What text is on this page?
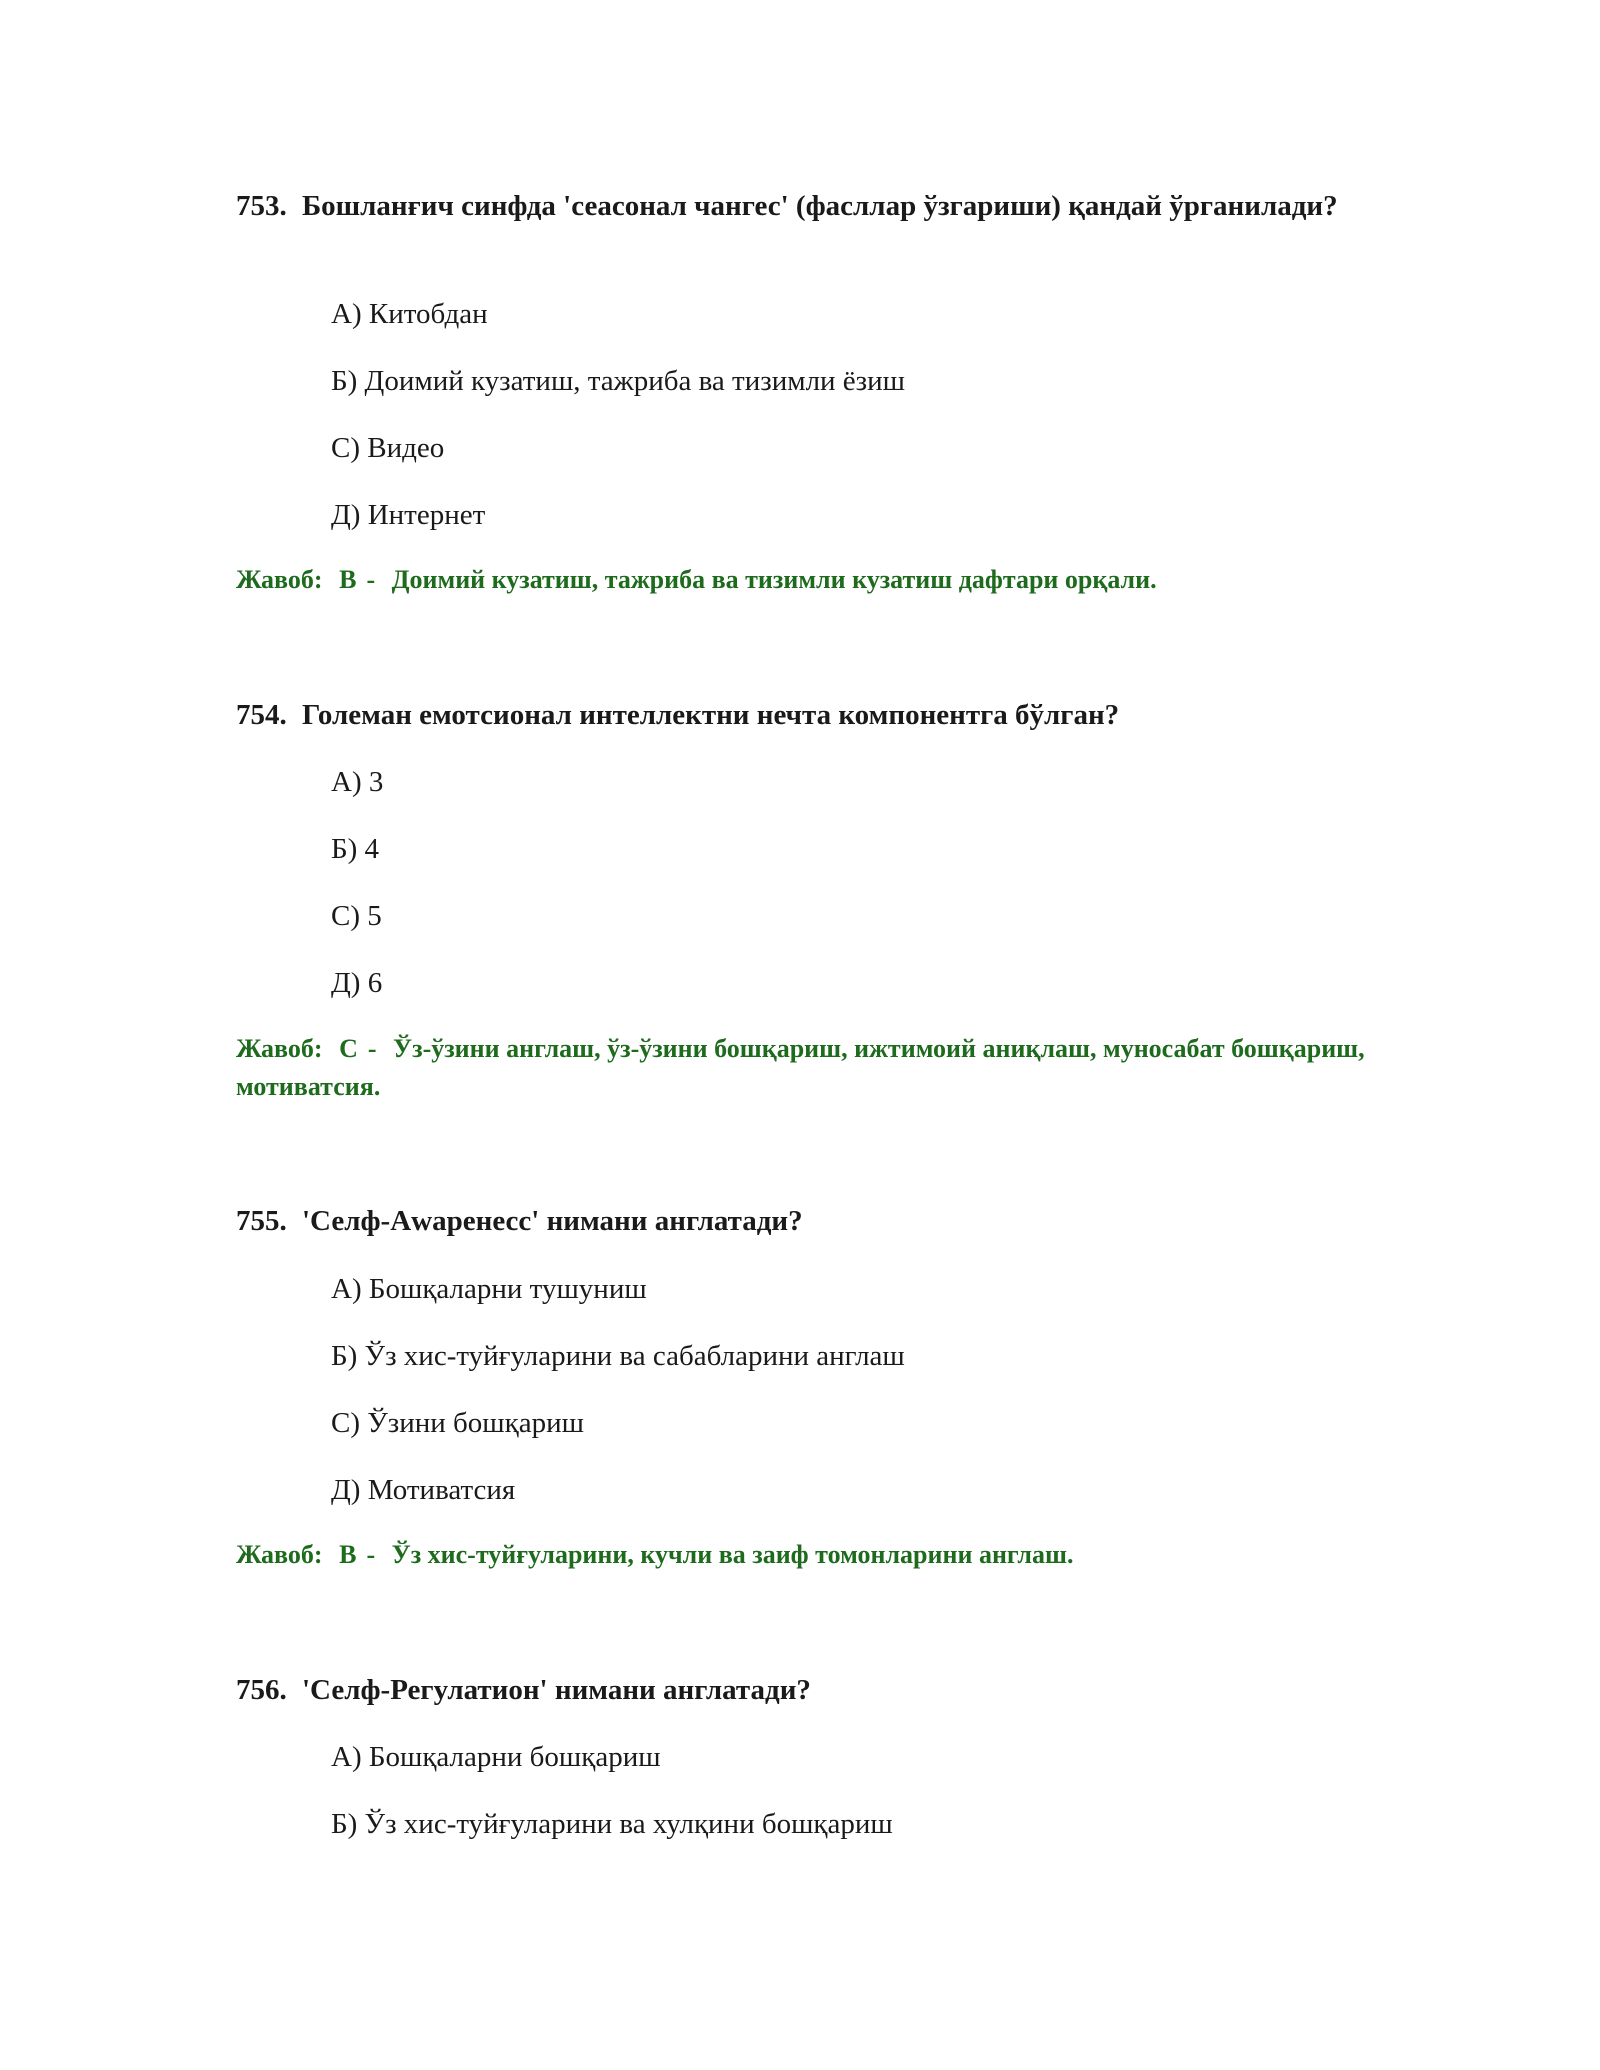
753. Бошланғич синфда 'сеасонал чангес' (фасллар ўзгариши) қандай ўрганилади?
А) Китобдан
Б) Доимий кузатиш, тажриба ва тизимли ёзиш
С) Видео
Д) Интернет
Жавоб: В - Доимий кузатиш, тажриба ва тизимли кузатиш дафтари орқали.
754. Големан емотсионал интеллектни нечта компонентга бўлган?
А) 3
Б) 4
С) 5
Д) 6
Жавоб: С - Ўз-ўзини англаш, ўз-ўзини бошқариш, ижтимоий аниқлаш, муносабат бошқариш, мотиватсия.
755. 'Селф-Аwаренесс' нимани англатади?
А) Бошқаларни тушуниш
Б) Ўз хис-туйғуларини ва сабабларини англаш
С) Ўзини бошқариш
Д) Мотиватсия
Жавоб: В - Ўз хис-туйғуларини, кучли ва заиф томонларини англаш.
756. 'Селф-Регулатион' нимани англатади?
А) Бошқаларни бошқариш
Б) Ўз хис-туйғуларини ва хулқини бошқариш
